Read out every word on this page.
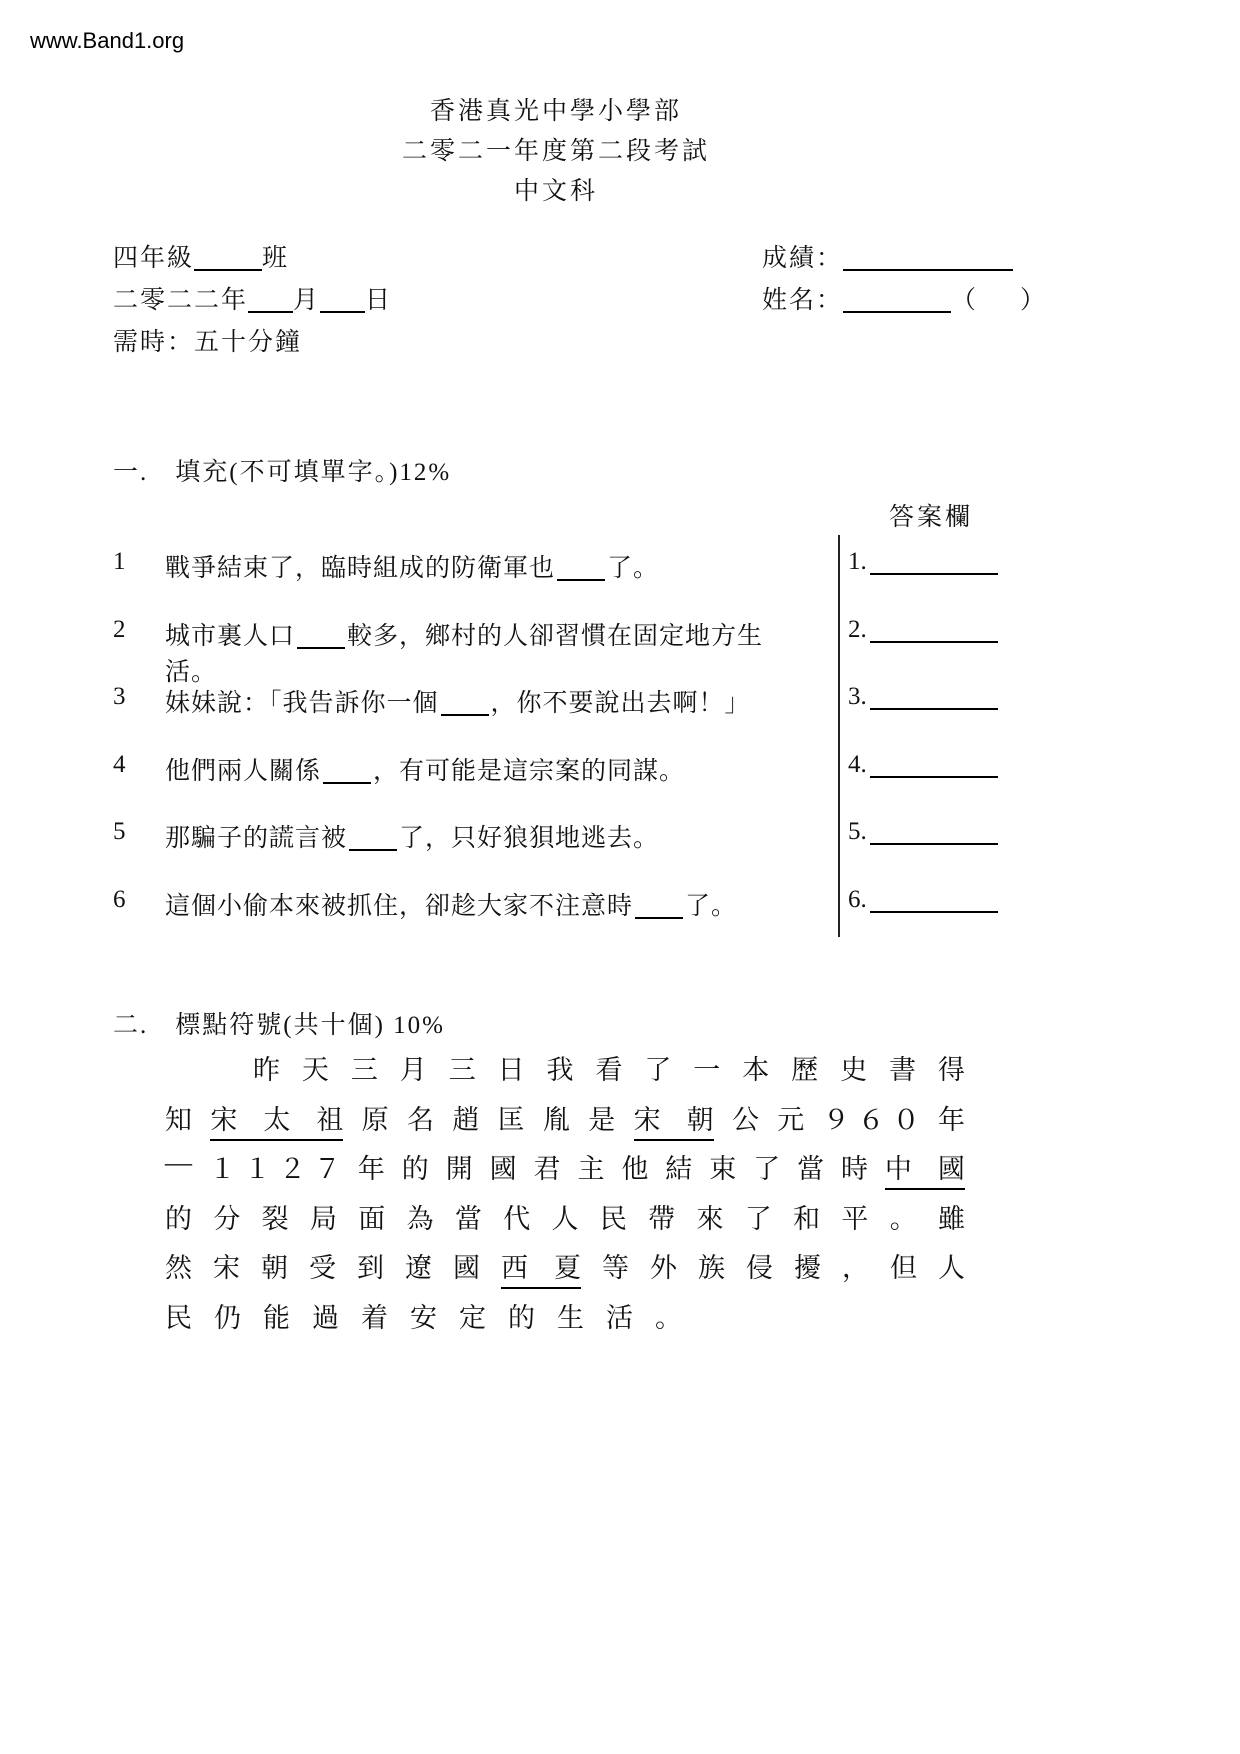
www.Band1.org
香港真光中學小學部
二零二一年度第二段考試
中文科
四年級	班
二零二二年 月 日
需時：五十分鐘
成績：
姓名：	（ ）
一.　填充(不可填單字。)12%
答案欄
1	戰爭結束了，臨時組成的防衛軍也 了。
2	城市裏人口 較多，鄉村的人卻習慣在固定地方生活。
3	妹妹說：「我告訴你一個 ，你不要說出去啊！」
4	他們兩人關係 ，有可能是這宗案的同謀。
5	那騙子的謊言被 了，只好狼狽地逃去。
6	這個小偷本來被抓住，卻趁大家不注意時 了。
1.
2.
3.
4.
5.
6.
二.　標點符號(共十個) 10%
昨 天 三 月 三 日 我 看 了 一 本 歷 史 書 得
知 宋 太 祖 原 名 趙 匡 胤 是 宋 朝 公 元 ９ ６ ０ 年
— １ １ ２ ７ 年 的 開 國 君 主 他 結 束 了 當 時 中 國
的 分 裂 局 面 為 當 代 人 民 帶 來 了 和 平 。 雖
然 宋 朝 受 到 遼 國 西 夏 等 外 族 侵 擾 ， 但 人
民 仍 能 過 着 安 定 的 生 活 。
